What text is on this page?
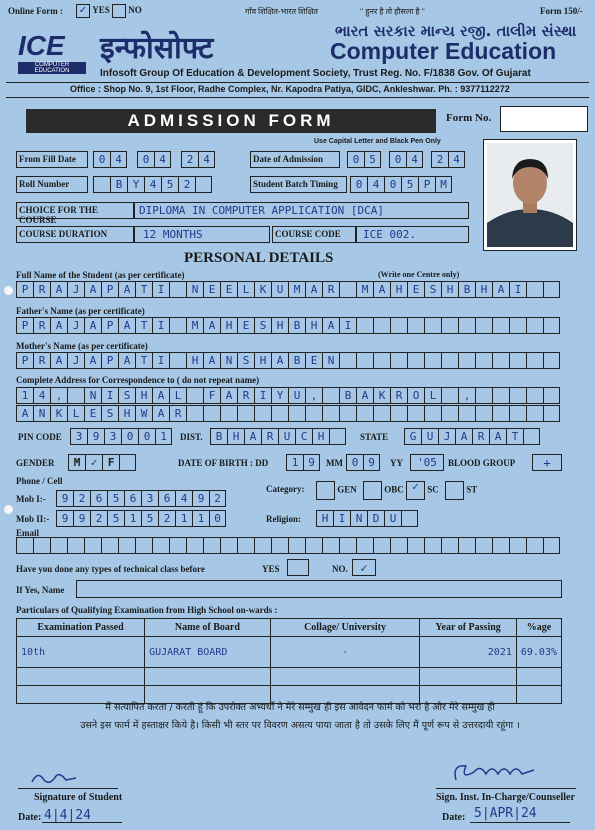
Online Form : ✓ YES NO	गाँव शिक्षित-भारत शिक्षित	" हुनर है तो हौसला है "	Form 150/-
ICE
COMPUTER EDUCATION
इन्फोसोफ्ट	ભારત સરકાર માન્ય રજી. તાલીમ સંસ્થા
Computer Education
Infosoft Group Of Education & Development Society, Trust Reg. No. F/1838 Gov. Of Gujarat
Office : Shop No. 9, 1st Floor, Radhe Complex, Nr. Kapodra Patiya, GIDC, Ankleshwar. Ph. : 9377112272
ADMISSION FORM	Form No.
Use Capital Letter and Black Pen Only
From Fill Date	0 4	0 4	2 4	Date of Admission	0 5	0 4	2 4
Roll Number	B Y 4 5 2	Student Batch Timing	0 4 0 5 P M
CHOICE FOR THE COURSE
DIPLOMA IN COMPUTER APPLICATION [DCA]
COURSE DURATION	12 MONTHS	COURSE CODE	ICE 002.
PERSONAL DETAILS
Full Name of the Student (as per certificate)	(Write one Centre only)
P R A J A P A T I	N E E L K U M A R	M A H E S H B H A I
Father's Name (as per certificate)
P R A J A P A T I	M A H E S H B H A I
Mother's Name (as per certificate)
P R A J A P A T I	H A N S H A B E N
Complete Address for Correspondence to ( do not repeat name)
1 4 ,	N I S H A L	F A R I Y U ,	B A K R O L	,
A N K L E S H W A R
PIN CODE	3 9 3 0 0 1	DIST.	B H A R U C H	STATE	G U J A R A T
GENDER	M ✓ F	DATE OF BIRTH : DD	1 9	MM 0 9	YY	'05	BLOOD GROUP	+
Phone / Cell
Mob I:-	9 2 6 5 6 3 6 4 9 2
Mob II:-	9 9 2 5 1 5 2 1 1 0
Category:	GEN	OBC ✓ SC	ST
Religion:	H I N D U
Email
Have you done any types of technical class before	YES	NO.	✓
If Yes, Name
Particulars of Qualifying Examination from High School on-wards :
Examination Passed	Name of Board	Collage/ University	Year of Passing	%age
10th	GUJARAT BOARD	-	2021	69.03%

मैं सत्यापित करता / करती हूं कि उपरोक्त अभ्यर्थी ने मेरे सम्मुख ही इस आवेदन फार्म को भरा है और मेरे सम्मुख ही
उसने इस फार्म में हस्ताक्षर किये है। किसी भी स्तर पर विवरण असत्य पाया जाता है तो उसके लिए मैं पूर्ण रूप से उत्तरदायी रहूंगा ।
Signature of Student
Date: 4|4|24
Sign. Inst. In-Charge/Counseller
Date: 5|APR|24
